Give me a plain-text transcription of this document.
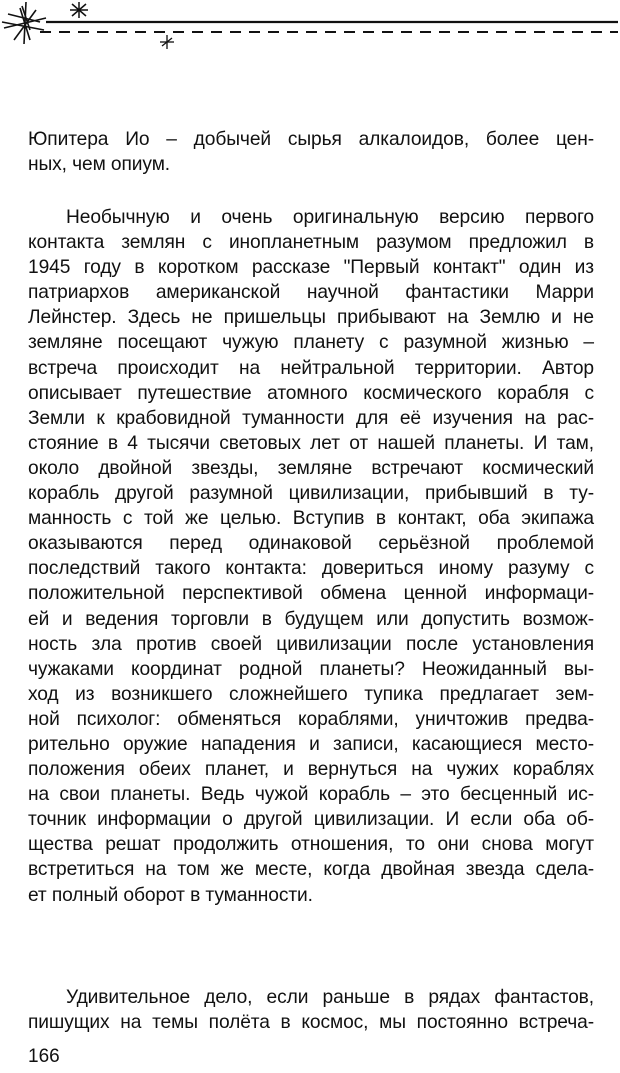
Юпитера Ио – добычей сырья алкалоидов, более цен-
ных, чем опиум.
Необычную и очень оригинальную версию первого
контакта землян с инопланетным разумом предложил в
1945 году в коротком рассказе "Первый контакт" один из
патриархов американской научной фантастики Марри
Лейнстер. Здесь не пришельцы прибывают на Землю и не
земляне посещают чужую планету с разумной жизнью –
встреча происходит на нейтральной территории. Автор
описывает путешествие атомного космического корабля с
Земли к крабовидной туманности для её изучения на рас-
стояние в 4 тысячи световых лет от нашей планеты. И там,
около двойной звезды, земляне встречают космический
корабль другой разумной цивилизации, прибывший в ту-
манность с той же целью. Вступив в контакт, оба экипажа
оказываются перед одинаковой серьёзной проблемой
последствий такого контакта: довериться иному разуму с
положительной перспективой обмена ценной информаци-
ей и ведения торговли в будущем или допустить возмож-
ность зла против своей цивилизации после установления
чужаками координат родной планеты? Неожиданный вы-
ход из возникшего сложнейшего тупика предлагает зем-
ной психолог: обменяться кораблями, уничтожив предва-
рительно оружие нападения и записи, касающиеся место-
положения обеих планет, и вернуться на чужих кораблях
на свои планеты. Ведь чужой корабль – это бесценный ис-
точник информации о другой цивилизации. И если оба об-
щества решат продолжить отношения, то они снова могут
встретиться на том же месте, когда двойная звезда сдела-
ет полный оборот в туманности.
Удивительное дело, если раньше в рядах фантастов,
пишущих на темы полёта в космос, мы постоянно встреча-
166
